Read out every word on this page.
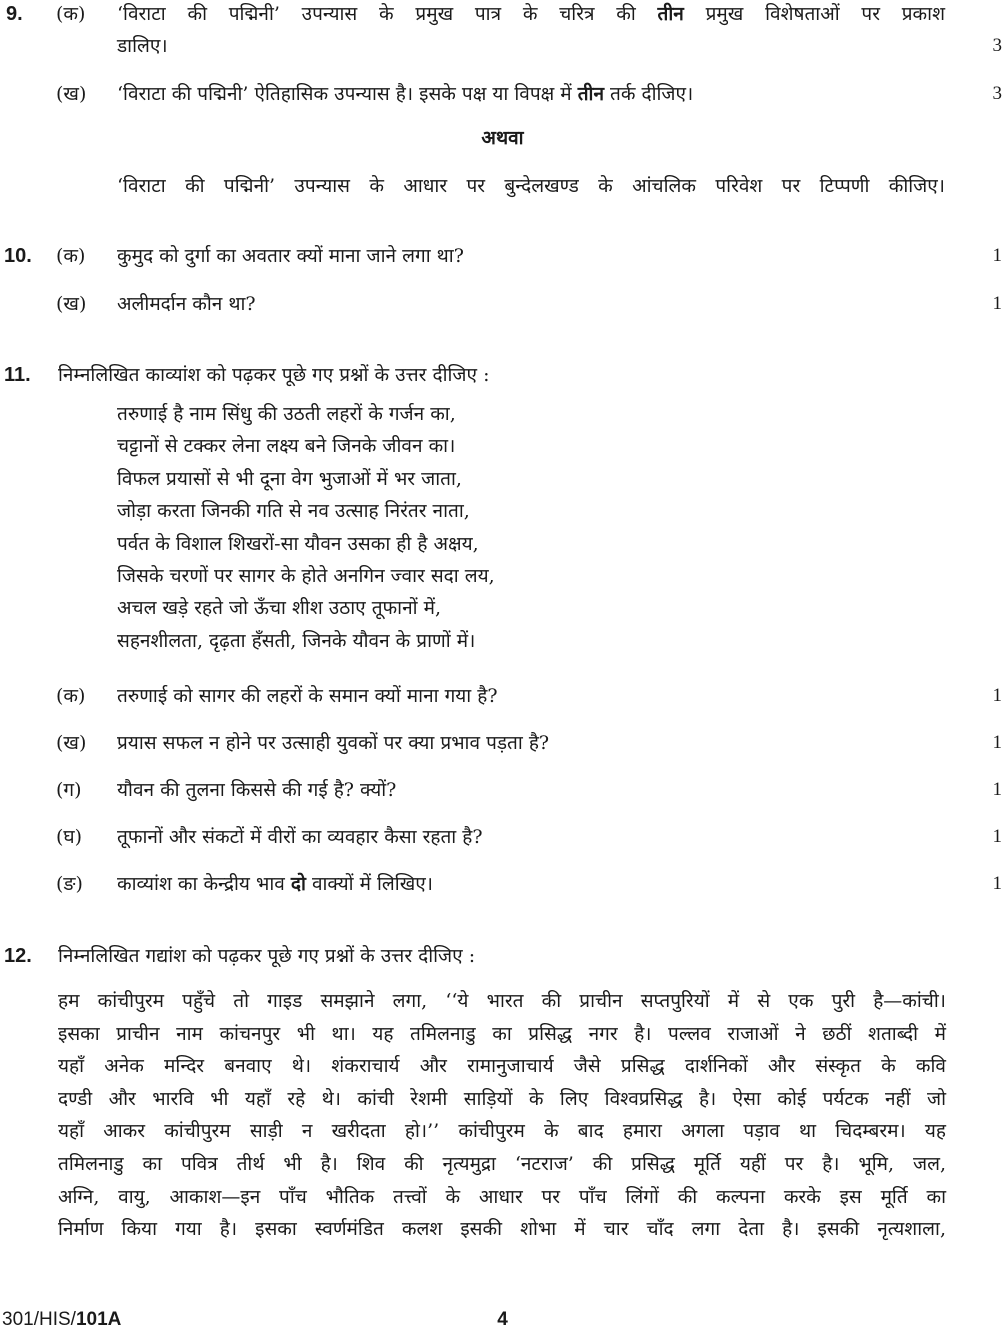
9. (क) ‘विराटा की पद्मिनी’ उपन्यास के प्रमुख पात्र के चरित्र की तीन प्रमुख विशेषताओं पर प्रकाश
डालिए।	3
(ख) ‘विराटा की पद्मिनी’ ऐतिहासिक उपन्यास है। इसके पक्ष या विपक्ष में तीन तर्क दीजिए।	3
अथवा
‘विराटा की पद्मिनी’ उपन्यास के आधार पर बुन्देलखण्ड के आंचलिक परिवेश पर टिप्पणी कीजिए।
10. (क) कुमुद को दुर्गा का अवतार क्यों माना जाने लगा था?	1
(ख) अलीमर्दान कौन था?	1
11. निम्नलिखित काव्यांश को पढ़कर पूछे गए प्रश्नों के उत्तर दीजिए :
तरुणाई है नाम सिंधु की उठती लहरों के गर्जन का,
चट्टानों से टक्कर लेना लक्ष्य बने जिनके जीवन का।
विफल प्रयासों से भी दूना वेग भुजाओं में भर जाता,
जोड़ा करता जिनकी गति से नव उत्साह निरंतर नाता,
पर्वत के विशाल शिखरों-सा यौवन उसका ही है अक्षय,
जिसके चरणों पर सागर के होते अनगिन ज्वार सदा लय,
अचल खड़े रहते जो ऊँचा शीश उठाए तूफानों में,
सहनशीलता, दृढ़ता हँसती, जिनके यौवन के प्राणों में।
(क) तरुणाई को सागर की लहरों के समान क्यों माना गया है?	1
(ख) प्रयास सफल न होने पर उत्साही युवकों पर क्या प्रभाव पड़ता है?	1
(ग) यौवन की तुलना किससे की गई है? क्यों?	1
(घ) तूफानों और संकटों में वीरों का व्यवहार कैसा रहता है?	1
(ङ) काव्यांश का केन्द्रीय भाव दो वाक्यों में लिखिए।	1
12. निम्नलिखित गद्यांश को पढ़कर पूछे गए प्रश्नों के उत्तर दीजिए :
हम कांचीपुरम पहुँचे तो गाइड समझाने लगा, ‘‘ये भारत की प्राचीन सप्तपुरियों में से एक पुरी है—कांची।
इसका प्राचीन नाम कांचनपुर भी था। यह तमिलनाडु का प्रसिद्ध नगर है। पल्लव राजाओं ने छठीं शताब्दी में
यहाँ अनेक मन्दिर बनवाए थे। शंकराचार्य और रामानुजाचार्य जैसे प्रसिद्ध दार्शनिकों और संस्कृत के कवि
दण्डी और भारवि भी यहाँ रहे थे। कांची रेशमी साड़ियों के लिए विश्वप्रसिद्ध है। ऐसा कोई पर्यटक नहीं जो
यहाँ आकर कांचीपुरम साड़ी न खरीदता हो।’’ कांचीपुरम के बाद हमारा अगला पड़ाव था चिदम्बरम। यह
तमिलनाडु का पवित्र तीर्थ भी है। शिव की नृत्यमुद्रा ‘नटराज’ की प्रसिद्ध मूर्ति यहीं पर है। भूमि, जल,
अग्नि, वायु, आकाश—इन पाँच भौतिक तत्त्वों के आधार पर पाँच लिंगों की कल्पना करके इस मूर्ति का
निर्माण किया गया है। इसका स्वर्णमंडित कलश इसकी शोभा में चार चाँद लगा देता है। इसकी नृत्यशाला,
301/HIS/101A	4
